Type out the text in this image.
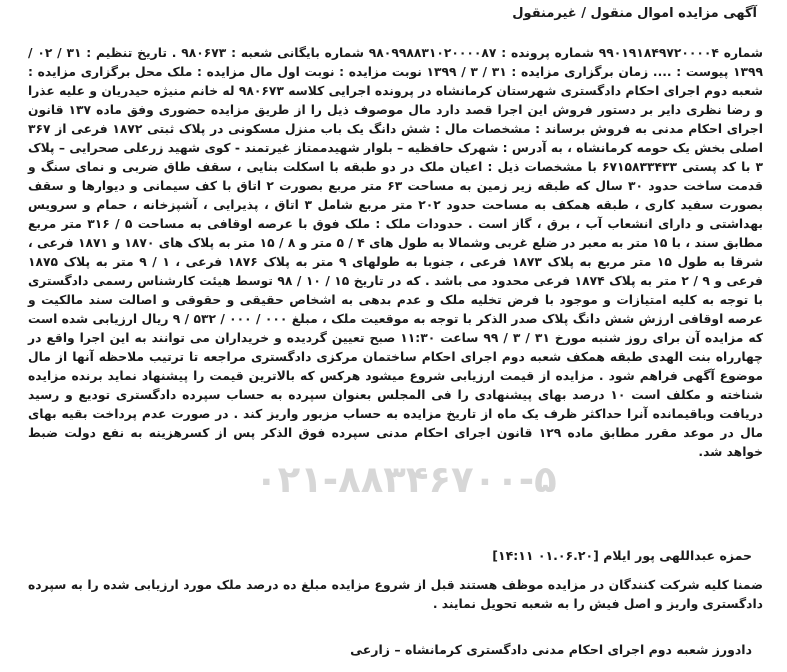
آگهی مزایده اموال منقول / غیرمنقول
شماره ۹۹۰۱۹۱۸۴۹۷۲۰۰۰۰۴ شماره پرونده : ۹۸۰۹۹۸۸۳۱۰۲۰۰۰۰۸۷ شماره بایگانی شعبه : ۹۸۰۶۷۳ . تاریخ تنظیم : ۳۱ / ۰۲ / ۱۳۹۹ پیوست : .... زمان برگزاری مزایده : ۳۱ / ۳ / ۱۳۹۹ نوبت مزایده : نوبت اول مال مزایده : ملک محل برگزاری مزایده : شعبه دوم اجرای احکام دادگستری شهرستان کرمانشاه در پرونده اجرایی کلاسه ۹۸۰۶۷۳ له خانم منیژه حیدریان و علیه عذرا و رضا نظری دایر بر دستور فروش این اجرا قصد دارد مال موصوف ذیل را از طریق مزایده حضوری وفق ماده ۱۳۷ قانون اجرای احکام مدنی به فروش برساند : مشخصات مال : شش دانگ یک باب منزل مسکونی در پلاک ثبتی ۱۸۷۲ فرعی از ۳۶۷ اصلی بخش یک حومه کرمانشاه ، به آدرس : شهرک حافظیه – بلوار شهیدممتاز غیرتمند - کوی شهید زرعلی صحرایی – پلاک ۳ با کد پستی ۶۷۱۵۸۳۳۴۳۳ با مشخصات ذیل : اعیان ملک در دو طبقه با اسکلت بنایی ، سقف طاق ضربی و نمای سنگ و قدمت ساخت حدود ۳۰ سال که طبقه زیر زمین به مساحت ۶۳ متر مربع بصورت ۲ اتاق با کف سیمانی و دیوارها و سقف بصورت سفید کاری ، طبقه همکف به مساحت حدود ۲۰۲ متر مربع شامل ۳ اتاق ، پذیرایی ، آشپزخانه ، حمام و سرویس بهداشتی و دارای انشعاب آب ، برق ، گاز است . حدودات ملک : ملک فوق با عرصه اوقافی به مساحت ۵ / ۳۱۶ متر مربع مطابق سند ، با ۱۵ متر به معبر در ضلع غربی وشمالا به طول های ۴ / ۵ متر و ۸ / ۱۵ متر به پلاک های ۱۸۷۰ و ۱۸۷۱ فرعی ، شرقا به طول ۱۵ متر مربع به پلاک ۱۸۷۳ فرعی ، جنوبا به طولهای ۹ متر به پلاک ۱۸۷۶ فرعی ، ۱ / ۹ متر به پلاک ۱۸۷۵ فرعی و ۹ / ۲ متر به پلاک ۱۸۷۴ فرعی محدود می باشد . که در تاریخ ۱۵ / ۱۰ / ۹۸ توسط هیئت کارشناس رسمی دادگستری با توجه به کلیه امتیازات و موجود با فرض تخلیه ملک و عدم بدهی به اشخاص حقیقی و حقوقی و اصالت سند مالکیت و عرصه اوقافی ارزش شش دانگ پلاک صدر الذکر با توجه به موقعیت ملک ، مبلغ ۰۰۰ / ۰۰۰ / ۵۳۲ / ۹ ریال ارزیابی شده است که مزایده آن برای روز شنبه مورخ ۳۱ / ۳ / ۹۹ ساعت ۱۱:۳۰ صبح تعیین گردیده و خریداران می توانند به این اجرا واقع در چهارراه بنت الهدی طبقه همکف شعبه دوم اجرای احکام ساختمان مرکزی دادگستری مراجعه تا ترتیب ملاحظه آنها از مال موضوع آگهی فراهم شود . مزایده از قیمت ارزیابی شروع میشود هرکس که بالاترین قیمت را پیشنهاد نماید برنده مزایده شناخته و مکلف است ۱۰ درصد بهای پیشنهادی را فی المجلس بعنوان سپرده به حساب سپرده دادگستری تودیع و رسید دریافت وباقیمانده آنرا حداکثر ظرف یک ماه از تاریخ مزایده به حساب مزبور واریز کند . در صورت عدم پرداخت بقیه بهای مال در موعد مقرر مطابق ماده ۱۲۹ قانون اجرای احکام مدنی سپرده فوق الذکر پس از کسرهزینه به نفع دولت ضبط خواهد شد.
۰۲۱-۸۸۳۴۶۷۰۰-۵
حمزه عبداللهی پور ایلام [۰۱.۰۶.۲۰ ۱۴:۱۱]
ضمنا کلیه شرکت کنندگان در مزایده موظف هستند قبل از شروع مزایده مبلغ ده درصد ملک مورد ارزیابی شده را به سپرده دادگستری واریز و اصل فیش را به شعبه تحویل نمایند .
دادورز شعبه دوم اجرای احکام مدنی دادگستری کرمانشاه – زارعی
